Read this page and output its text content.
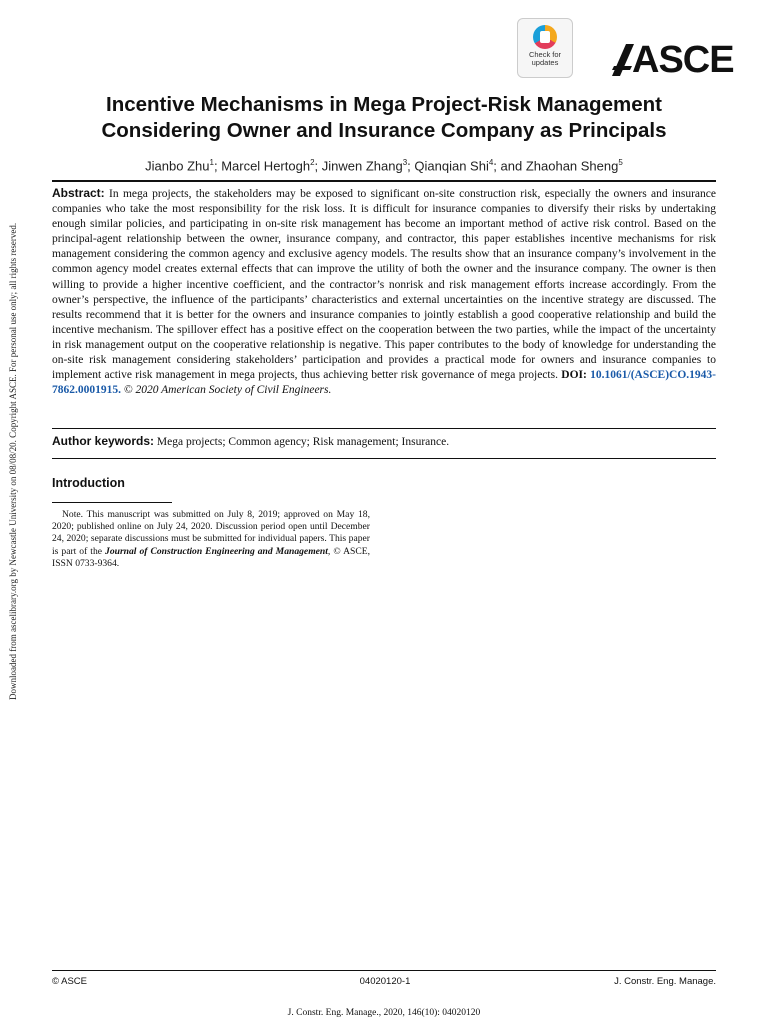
Downloaded from ascelibrary.org by Newcastle University on 08/08/20. Copyright ASCE. For personal use only; all rights reserved.
Check for
updates	ASCE
Incentive Mechanisms in Mega Project-Risk Management
Considering Owner and Insurance Company as Principals
Jianbo Zhu$^1$; Marcel Hertogh$^2$; Jinwen Zhang$^3$; Qianqian Shi$^4$; and Zhaohan Sheng$^5$
Abstract: In mega projects, the stakeholders may be exposed to significant on-site construction risk, especially the owners and insurance companies who take the most responsibility for the risk loss. It is difficult for insurance companies to diversify their risks by undertaking enough similar policies, and participating in on-site risk management has become an important method of active risk control. Based on the principal-agent relationship between the owner, insurance company, and contractor, this paper establishes incentive mechanisms for risk management considering the common agency and exclusive agency models. The results show that an insurance company’s involvement in the common agency model creates external effects that can improve the utility of both the owner and the insurance company. The owner is then willing to provide a higher incentive coefficient, and the contractor’s nonrisk and risk management efforts increase accordingly. From the owner’s perspective, the influence of the participants’ characteristics and external uncertainties on the incentive strategy are discussed. The results recommend that it is better for the owners and insurance companies to jointly establish a good cooperative relationship and build the incentive mechanism. The spillover effect has a positive effect on the cooperation between the two parties, while the impact of the uncertainty in risk management output on the cooperative relationship is negative. This paper contributes to the body of knowledge for understanding the on-site risk management considering stakeholders’ participation and provides a practical mode for owners and insurance companies to implement active risk management in mega projects, thus achieving better risk governance of mega projects. DOI: 10.1061/(ASCE)CO.1943-7862.0001915. © 2020 American Society of Civil Engineers.
Author keywords: Mega projects; Common agency; Risk management; Insurance.
Introduction
Note. This manuscript was submitted on July 8, 2019; approved on May 18, 2020; published online on July 24, 2020. Discussion period open until December 24, 2020; separate discussions must be submitted for individual papers. This paper is part of the Journal of Construction Engineering and Management, © ASCE, ISSN 0733-9364.
© ASCE	04020120-1	J. Constr. Eng. Manage.
J. Constr. Eng. Manage., 2020, 146(10): 04020120
